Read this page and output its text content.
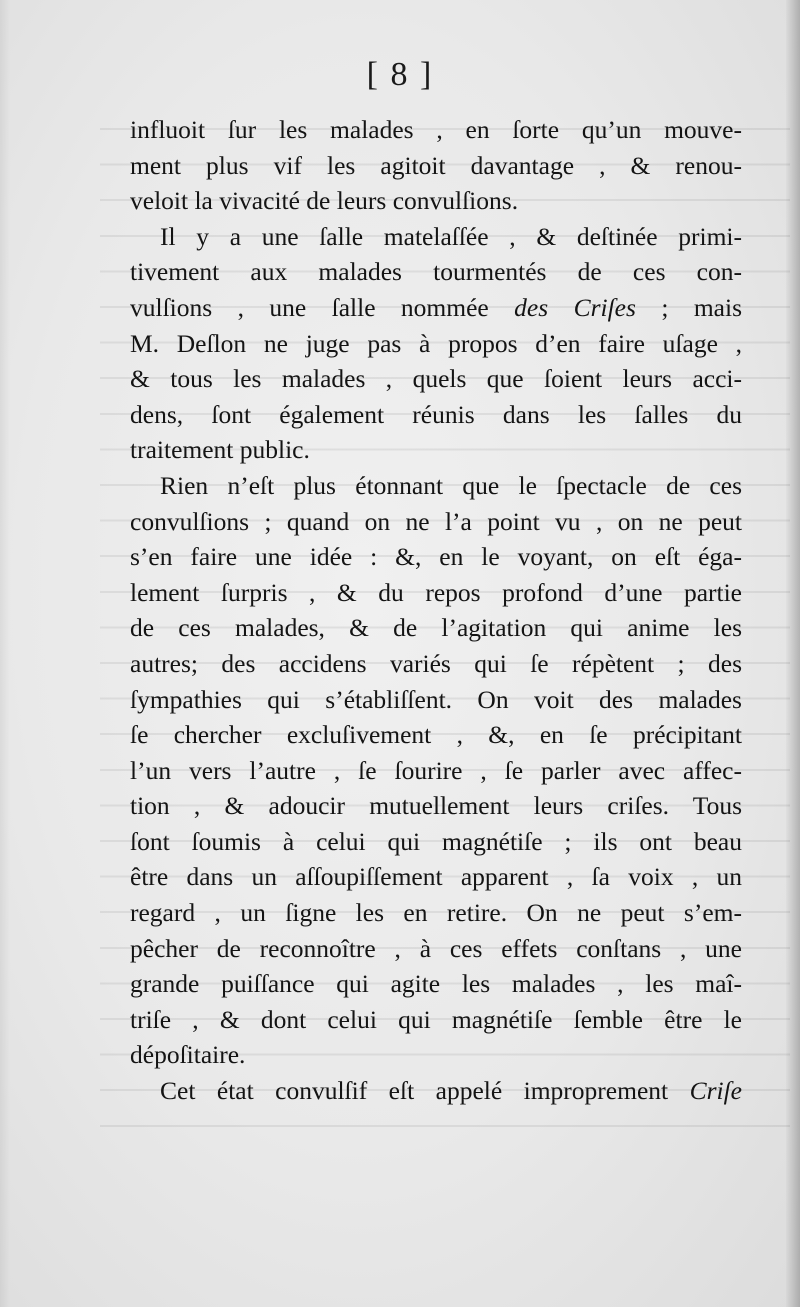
[ 8 ]
influoit ſur les malades , en ſorte qu’un mouve-
ment plus vif les agitoit davantage , & renou-
veloit la vivacité de leurs convulſions.
Il y a une ſalle matelaſſée , & deſtinée primi-
tivement aux malades tourmentés de ces con-
vulſions , une ſalle nommée des Criſes ; mais
M. Deſlon ne juge pas à propos d’en faire uſage ,
& tous les malades , quels que ſoient leurs acci-
dens, ſont également réunis dans les ſalles du
traitement public.
Rien n’eſt plus étonnant que le ſpectacle de ces
convulſions ; quand on ne l’a point vu , on ne peut
s’en faire une idée : &, en le voyant, on eſt éga-
lement ſurpris , & du repos profond d’une partie
de ces malades, & de l’agitation qui anime les
autres; des accidens variés qui ſe répètent ; des
ſympathies qui s’établiſſent. On voit des malades
ſe chercher excluſivement , &, en ſe précipitant
l’un vers l’autre , ſe ſourire , ſe parler avec affec-
tion , & adoucir mutuellement leurs criſes. Tous
ſont ſoumis à celui qui magnétiſe ; ils ont beau
être dans un aſſoupiſſement apparent , ſa voix , un
regard , un ſigne les en retire. On ne peut s’em-
pêcher de reconnoître , à ces effets conſtans , une
grande puiſſance qui agite les malades , les maî-
triſe , & dont celui qui magnétiſe ſemble être le
dépoſitaire.
Cet état convulſif eſt appelé improprement Criſe
